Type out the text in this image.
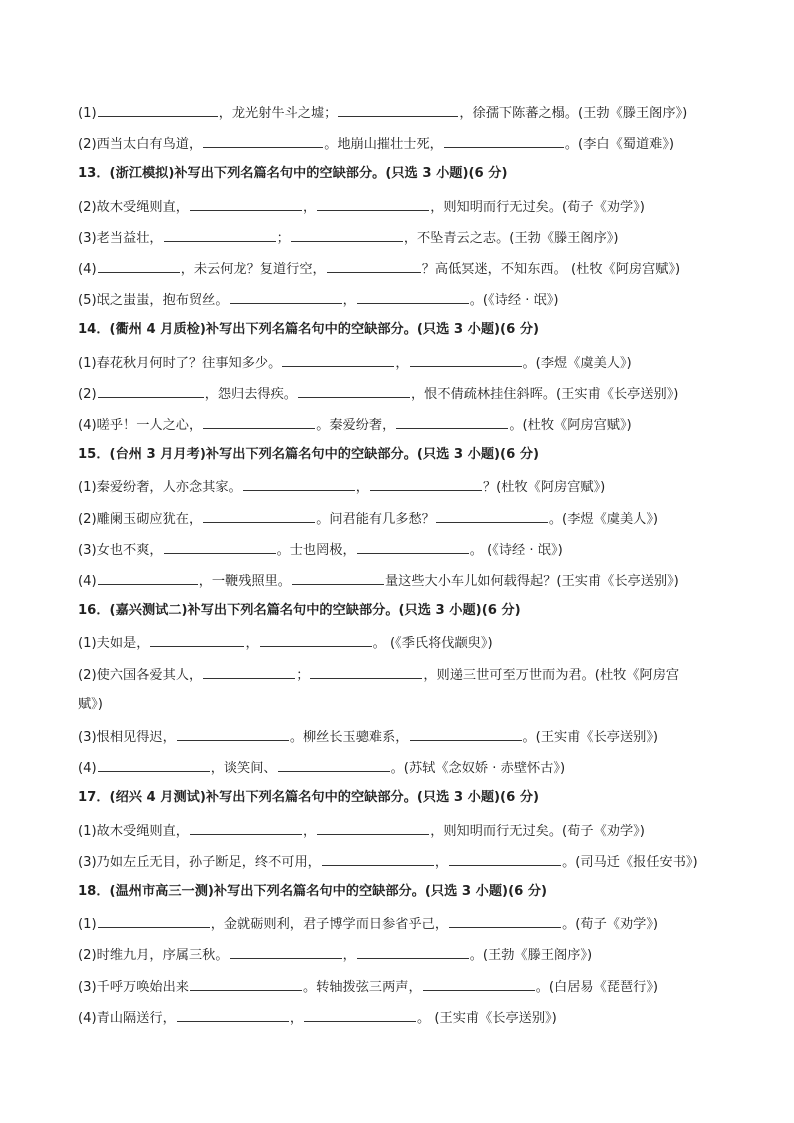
(1)	，龙光射牛斗之墟；	，徐孺下陈蕃之榻。(王勃《滕王阁序》)
(2)西当太白有鸟道，	。地崩山摧壮士死，	。(李白《蜀道难》)
13．(浙江模拟)补写出下列名篇名句中的空缺部分。(只选 3 小题)(6 分)
(2)故木受绳则直，	，	，则知明而行无过矣。(荀子《劝学》)
(3)老当益壮，	；	，不坠青云之志。(王勃《滕王阁序》)
(4)	，未云何龙？复道行空，	？高低冥迷，不知东西。 (杜牧《阿房宫赋》)
(5)氓之蚩蚩，抱布贸丝。	，	。(《诗经 · 氓》)
14．(衢州 4 月质检)补写出下列名篇名句中的空缺部分。(只选 3 小题)(6 分)
(1)春花秋月何时了？往事知多少。	，	。(李煜《虞美人》)
(2)	，怨归去得疾。	，恨不倩疏林挂住斜晖。(王实甫《长亭送别》)
(4)嗟乎！一人之心，	。秦爱纷奢，	。(杜牧《阿房宫赋》)
15．(台州 3 月月考)补写出下列名篇名句中的空缺部分。(只选 3 小题)(6 分)
(1)秦爱纷奢，人亦念其家。	，	？(杜牧《阿房宫赋》)
(2)雕阑玉砌应犹在，	。问君能有几多愁？	。(李煜《虞美人》)
(3)女也不爽，	。士也罔极，	。 (《诗经 · 氓》)
(4)	，一鞭残照里。	量这些大小车儿如何载得起？(王实甫《长亭送别》)
16．(嘉兴测试二)补写出下列名篇名句中的空缺部分。(只选 3 小题)(6 分)
(1)夫如是，	，	。 (《季氏将伐颛臾》)
(2)使六国各爱其人，	；	，则递三世可至万世而为君。(杜牧《阿房宫
赋》)
(3)恨相见得迟，	。柳丝长玉骢难系，	。(王实甫《长亭送别》)
(4)	，谈笑间、	。(苏轼《念奴娇 · 赤壁怀古》)
17．(绍兴 4 月测试)补写出下列名篇名句中的空缺部分。(只选 3 小题)(6 分)
(1)故木受绳则直，	，	，则知明而行无过矣。(荀子《劝学》)
(3)乃如左丘无目，孙子断足，终不可用，	，	。(司马迁《报任安书》)
18．(温州市高三一测)补写出下列名篇名句中的空缺部分。(只选 3 小题)(6 分)
(1)	，金就砺则利，君子博学而日参省乎己，	。(荀子《劝学》)
(2)时维九月，序属三秋。	，	。(王勃《滕王阁序》)
(3)千呼万唤始出来	。转轴拨弦三两声，	。(白居易《琵琶行》)
(4)青山隔送行，	，	。 (王实甫《长亭送别》)
